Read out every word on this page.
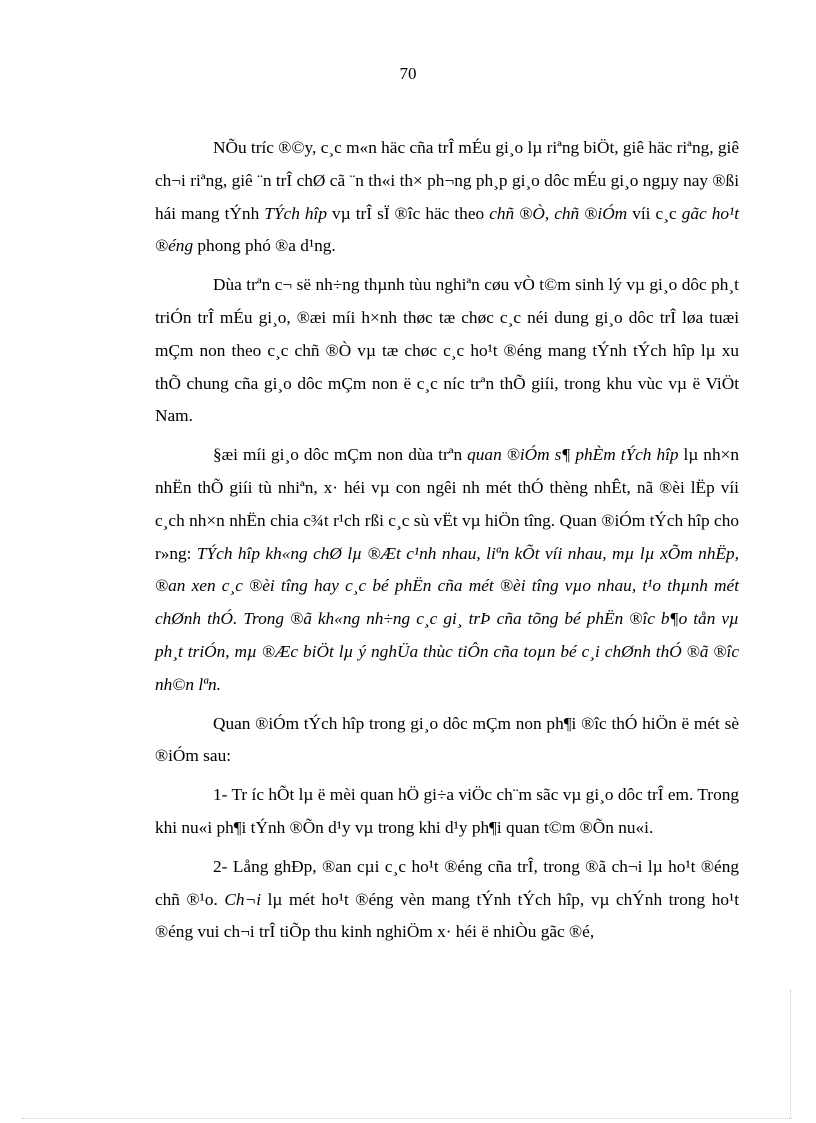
70

NÕu tríc ®©y, c¸c m«n häc cña trÎ mÉu gi¸o lµ riªng biÖt, giê häc riªng, giê ch¬i riªng, giê ¨n trÎ chØ cã ¨n th«i th× ph¬ng ph¸p gi¸o dôc mÉu gi¸o ngµy nay ®ßi hái mang tÝnh TÝch hîp vµ trÎ sÏ ®îc häc theo chñ ®Ò, chñ ®iÓm víi c¸c gãc ho¹t ®éng phong phó ®a d¹ng.

Dùa trªn c¬ së nh÷ng thµnh tùu nghiªn cøu vÒ t©m sinh lý vµ gi¸o dôc ph¸t triÓn trÎ mÉu gi¸o, ®æi míi h×nh thøc tæ chøc c¸c néi dung gi¸o dôc trÎ løa tuæi mÇm non theo c¸c chñ ®Ò vµ tæ chøc c¸c ho¹t ®éng mang tÝnh tÝch hîp lµ xu thÕ chung cña gi¸o dôc mÇm non ë c¸c níc trªn thÕ giíi, trong khu vùc vµ ë ViÖt Nam.

§æi míi gi¸o dôc mÇm non dùa trªn quan ®iÓm s¶ phÈm tÝch hîp lµ nh×n nhËn thÕ giíi tù nhiªn, x· héi vµ con ngêi nh mét thÓ thèng nhÊt, nã ®èi lËp víi c¸ch nh×n nhËn chia c¾t r¹ch rßi c¸c sù vËt vµ hiÖn tîng. Quan ®iÓm tÝch hîp cho r»ng: TÝch hîp kh«ng chØ lµ ®Æt c¹nh nhau, liªn kÕt víi nhau, mµ lµ xÕm nhËp, ®an xen c¸c ®èi tîng hay c¸c bé phËn cña mét ®èi tîng vµo nhau, t¹o thµnh mét chØnh thÓ. Trong ®ã kh«ng nh÷ng c¸c gi¸ trÞ cña tõng bé phËn ®îc b¶o tån vµ ph¸t triÓn, mµ ®Æc biÖt lµ ý nghÜa thùc tiÔn cña toµn bé c¸i chØnh thÓ ®ã ®îc nh©n lªn.

Quan ®iÓm tÝch hîp trong gi¸o dôc mÇm non ph¶i ®îc thÓ hiÖn ë mét sè ®iÓm sau:

1- Tr íc hÕt lµ ë mèi quan hÖ gi÷a viÖc ch¨m sãc vµ gi¸o dôc trÎ em. Trong khi nu«i ph¶i tÝnh ®Õn d¹y vµ trong khi d¹y ph¶i quan t©m ®Õn nu«i.

2- Lång ghÐp, ®an cµi c¸c ho¹t ®éng cña trÎ, trong ®ã ch¬i lµ ho¹t ®éng chñ ®¹o. Ch¬i lµ mét ho¹t ®éng vèn mang tÝnh tÝch hîp, vµ chÝnh trong ho¹t ®éng vui ch¬i trÎ tiÕp thu kinh nghiÖm x· héi ë nhiÒu gãc ®é,
